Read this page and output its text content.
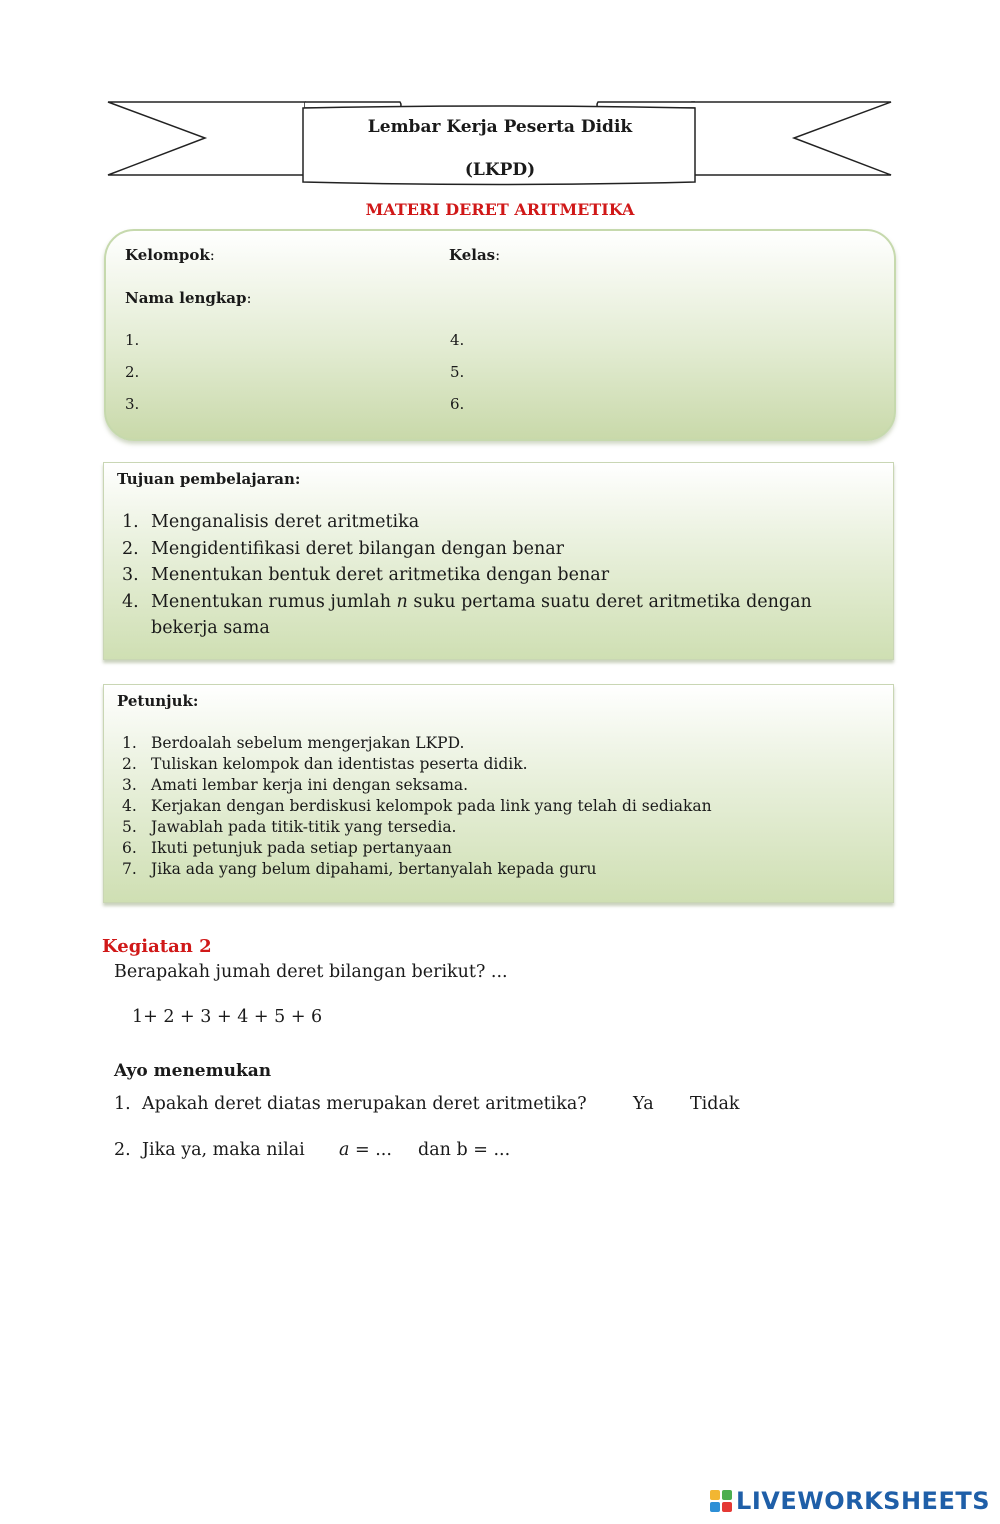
Lembar Kerja Peserta Didik
(LKPD)
MATERI DERET ARITMETIKA
Kelompok:	Kelas:
Nama lengkap:
1.
2.
3.
4.
5.
6.
Tujuan pembelajaran:
1. Menganalisis deret aritmetika
2. Mengidentifikasi deret bilangan dengan benar
3. Menentukan bentuk deret aritmetika dengan benar
4. Menentukan rumus jumlah n suku pertama suatu deret aritmetika dengan bekerja sama
Petunjuk:
1. Berdoalah sebelum mengerjakan LKPD.
2. Tuliskan kelompok dan identistas peserta didik.
3. Amati lembar kerja ini dengan seksama.
4. Kerjakan dengan berdiskusi kelompok pada link yang telah di sediakan
5. Jawablah pada titik-titik yang tersedia.
6. Ikuti petunjuk pada setiap pertanyaan
7. Jika ada yang belum dipahami, bertanyalah kepada guru
Kegiatan 2
Berapakah jumah deret bilangan berikut? ...
1+ 2 + 3 + 4 + 5 + 6
Ayo menemukan
1. Apakah deret diatas merupakan deret aritmetika?	Ya Tidak
2. Jika ya, maka nilai a = ... dan b = ...
LIVEWORKSHEETS
